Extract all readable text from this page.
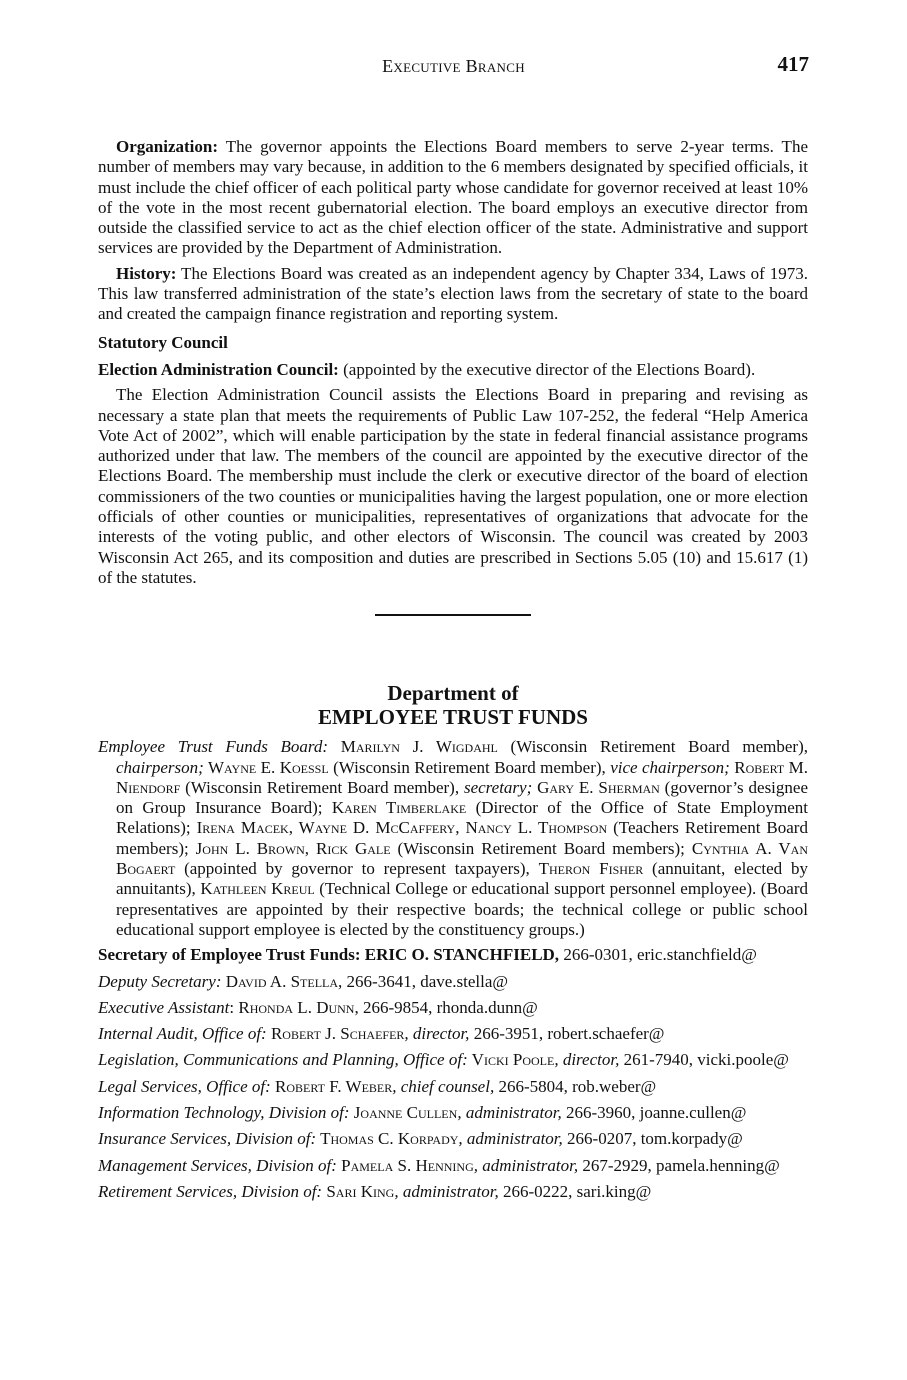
Executive Branch	417

Organization: The governor appoints the Elections Board members to serve 2-year terms. The number of members may vary because, in addition to the 6 members designated by specified officials, it must include the chief officer of each political party whose candidate for governor received at least 10% of the vote in the most recent gubernatorial election. The board employs an executive director from outside the classified service to act as the chief election officer of the state. Administrative and support services are provided by the Department of Administration.

History: The Elections Board was created as an independent agency by Chapter 334, Laws of 1973. This law transferred administration of the state’s election laws from the secretary of state to the board and created the campaign finance registration and reporting system.

Statutory Council

Election Administration Council: (appointed by the executive director of the Elections Board).

The Election Administration Council assists the Elections Board in preparing and revising as necessary a state plan that meets the requirements of Public Law 107-252, the federal “Help America Vote Act of 2002”, which will enable participation by the state in federal financial assistance programs authorized under that law. The members of the council are appointed by the executive director of the Elections Board. The membership must include the clerk or executive director of the board of election commissioners of the two counties or municipalities having the largest population, one or more election officials of other counties or municipalities, representatives of organizations that advocate for the interests of the voting public, and other electors of Wisconsin. The council was created by 2003 Wisconsin Act 265, and its composition and duties are prescribed in Sections 5.05 (10) and 15.617 (1) of the statutes.

Department of
EMPLOYEE TRUST FUNDS

Employee Trust Funds Board: Marilyn J. Wigdahl (Wisconsin Retirement Board member), chairperson; Wayne E. Koessl (Wisconsin Retirement Board member), vice chairperson; Robert M. Niendorf (Wisconsin Retirement Board member), secretary; Gary E. Sherman (governor’s designee on Group Insurance Board); Karen Timberlake (Director of the Office of State Employment Relations); Irena Macek, Wayne D. McCaffery, Nancy L. Thompson (Teachers Retirement Board members); John L. Brown, Rick Gale (Wisconsin Retirement Board members); Cynthia A. Van Bogaert (appointed by governor to represent taxpayers), Theron Fisher (annuitant, elected by annuitants), Kathleen Kreul (Technical College or educational support personnel employee). (Board representatives are appointed by their respective boards; the technical college or public school educational support employee is elected by the constituency groups.)

Secretary of Employee Trust Funds: ERIC O. STANCHFIELD, 266-0301, eric.stanchfield@

Deputy Secretary: David A. Stella, 266-3641, dave.stella@

Executive Assistant: Rhonda L. Dunn, 266-9854, rhonda.dunn@

Internal Audit, Office of: Robert J. Schaefer, director, 266-3951, robert.schaefer@

Legislation, Communications and Planning, Office of: Vicki Poole, director, 261-7940, vicki.poole@

Legal Services, Office of: Robert F. Weber, chief counsel, 266-5804, rob.weber@

Information Technology, Division of: Joanne Cullen, administrator, 266-3960, joanne.cullen@

Insurance Services, Division of: Thomas C. Korpady, administrator, 266-0207, tom.korpady@

Management Services, Division of: Pamela S. Henning, administrator, 267-2929, pamela.henning@

Retirement Services, Division of: Sari King, administrator, 266-0222, sari.king@
